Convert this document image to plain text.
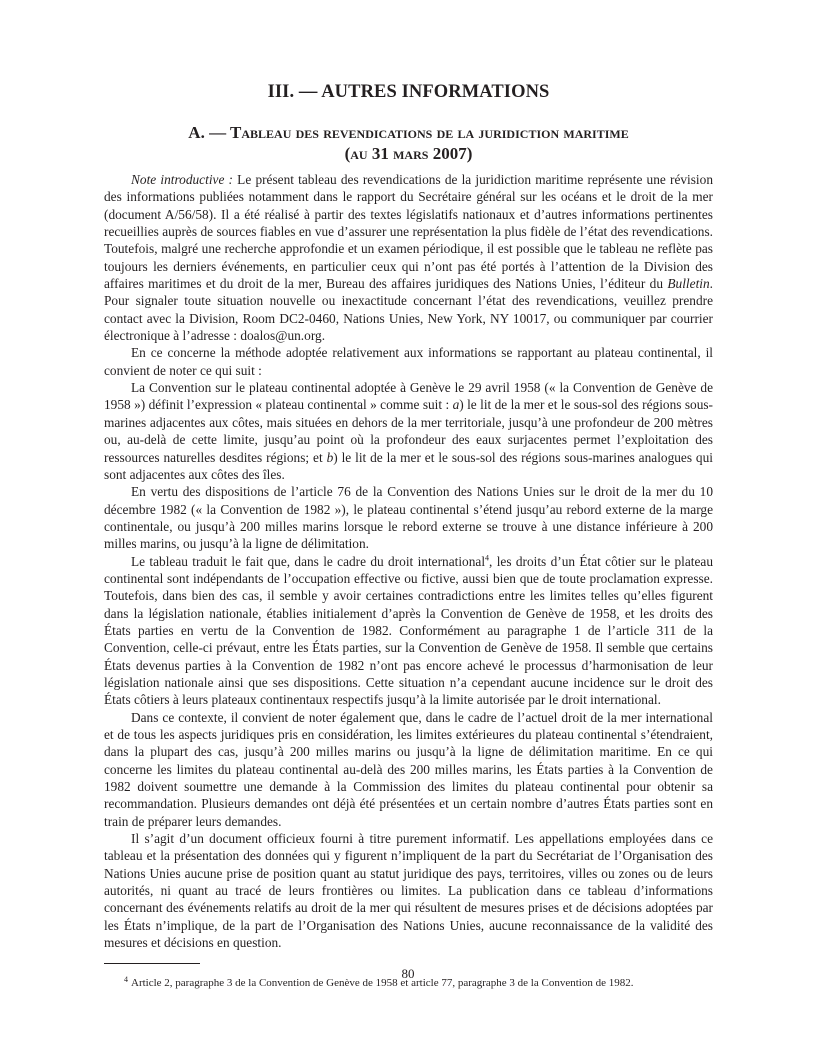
III. — AUTRES INFORMATIONS
A. — Tableau des revendications de la juridiction maritime
(au 31 mars 2007)

Note introductive : Le présent tableau des revendications de la juridiction maritime représente une révision des informations publiées notamment dans le rapport du Secrétaire général sur les océans et le droit de la mer (document A/56/58). Il a été réalisé à partir des textes législatifs nationaux et d’autres informations pertinentes recueillies auprès de sources fiables en vue d’assurer une représentation la plus fidèle de l’état des revendications. Toutefois, malgré une recherche approfondie et un examen périodique, il est possible que le tableau ne reflète pas toujours les derniers événements, en particulier ceux qui n’ont pas été portés à l’attention de la Division des affaires maritimes et du droit de la mer, Bureau des affaires juridiques des Nations Unies, l’éditeur du Bulletin. Pour signaler toute situation nouvelle ou inexactitude concernant l’état des revendications, veuillez prendre contact avec la Division, Room DC2-0460, Nations Unies, New York, NY 10017, ou communiquer par courrier électronique à l’adresse : doalos@un.org.

En ce concerne la méthode adoptée relativement aux informations se rapportant au plateau continental, il convient de noter ce qui suit :

La Convention sur le plateau continental adoptée à Genève le 29 avril 1958 (« la Convention de Genève de 1958 ») définit l’expression « plateau continental » comme suit : a) le lit de la mer et le sous-sol des régions sous-marines adjacentes aux côtes, mais situées en dehors de la mer territoriale, jusqu’à une profondeur de 200 mètres ou, au-delà de cette limite, jusqu’au point où la profondeur des eaux surjacentes permet l’exploitation des ressources naturelles desdites régions; et b) le lit de la mer et le sous-sol des régions sous-marines analogues qui sont adjacentes aux côtes des îles.

En vertu des dispositions de l’article 76 de la Convention des Nations Unies sur le droit de la mer du 10 décembre 1982 (« la Convention de 1982 »), le plateau continental s’étend jusqu’au rebord externe de la marge continentale, ou jusqu’à 200 milles marins lorsque le rebord externe se trouve à une distance inférieure à 200 milles marins, ou jusqu’à la ligne de délimitation.

Le tableau traduit le fait que, dans le cadre du droit international$^4$, les droits d’un État côtier sur le plateau continental sont indépendants de l’occupation effective ou fictive, aussi bien que de toute proclamation expresse. Toutefois, dans bien des cas, il semble y avoir certaines contradictions entre les limites telles qu’elles figurent dans la législation nationale, établies initialement d’après la Convention de Genève de 1958, et les droits des États parties en vertu de la Convention de 1982. Conformément au paragraphe 1 de l’article 311 de la Convention, celle-ci prévaut, entre les États parties, sur la Convention de Genève de 1958. Il semble que certains États devenus parties à la Convention de 1982 n’ont pas encore achevé le processus d’harmonisation de leur législation nationale ainsi que ses dispositions. Cette situation n’a cependant aucune incidence sur le droit des États côtiers à leurs plateaux continentaux respectifs jusqu’à la limite autorisée par le droit international.

Dans ce contexte, il convient de noter également que, dans le cadre de l’actuel droit de la mer international et de tous les aspects juridiques pris en considération, les limites extérieures du plateau continental s’étendraient, dans la plupart des cas, jusqu’à 200 milles marins ou jusqu’à la ligne de délimitation maritime. En ce qui concerne les limites du plateau continental au-delà des 200 milles marins, les États parties à la Convention de 1982 doivent soumettre une demande à la Commission des limites du plateau continental pour obtenir sa recommandation. Plusieurs demandes ont déjà été présentées et un certain nombre d’autres États parties sont en train de préparer leurs demandes.

Il s’agit d’un document officieux fourni à titre purement informatif. Les appellations employées dans ce tableau et la présentation des données qui y figurent n’impliquent de la part du Secrétariat de l’Organisation des Nations Unies aucune prise de position quant au statut juridique des pays, territoires, villes ou zones ou de leurs autorités, ni quant au tracé de leurs frontières ou limites. La publication dans ce tableau d’informations concernant des événements relatifs au droit de la mer qui résultent de mesures prises et de décisions adoptées par les États n’implique, de la part de l’Organisation des Nations Unies, aucune reconnaissance de la validité des mesures et décisions en question.

$^4$ Article 2, paragraphe 3 de la Convention de Genève de 1958 et article 77, paragraphe 3 de la Convention de 1982.
80
